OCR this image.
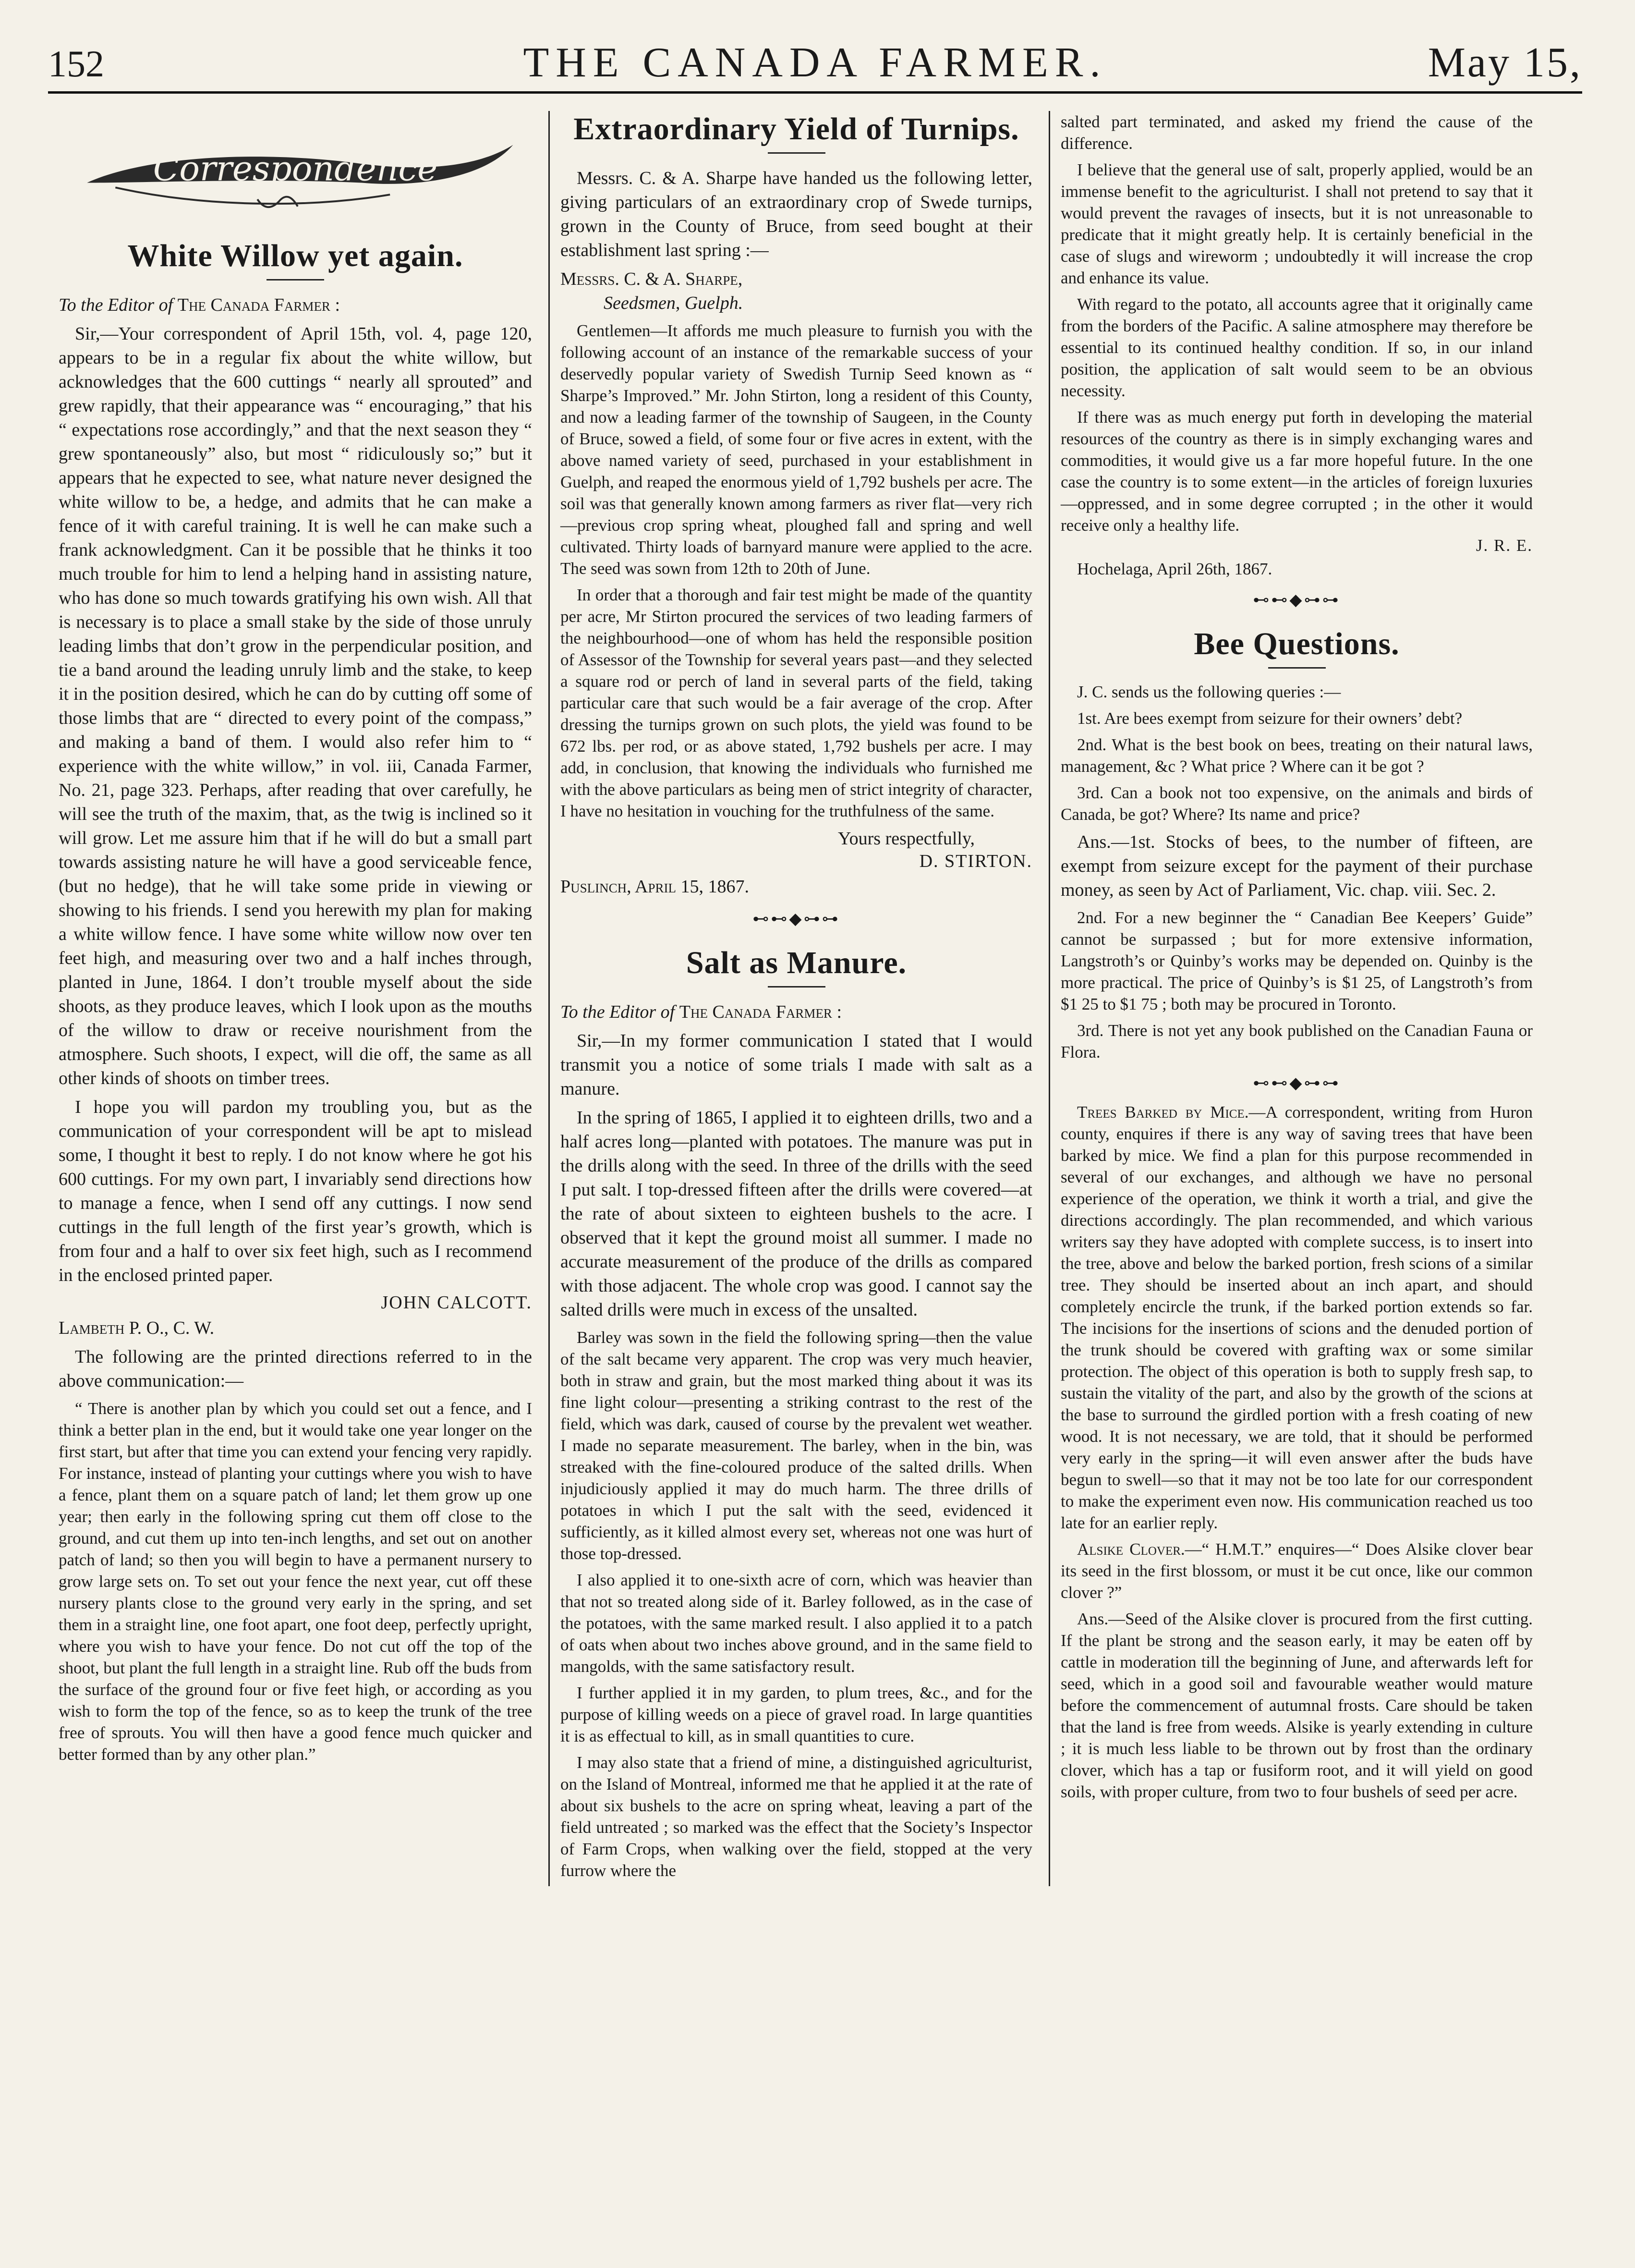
152	THE CANADA FARMER.	May 15,
Correspondence
White Willow yet again.

To the Editor of The Canada Farmer :

Sir,—Your correspondent of April 15th, vol. 4, page 120, appears to be in a regular fix about the white willow, but acknowledges that the 600 cuttings “ nearly all sprouted” and grew rapidly, that their appearance was “ encouraging,” that his “ expectations rose accordingly,” and that the next season they “ grew spontaneously” also, but most “ ridiculously so;” but it appears that he expected to see, what nature never designed the white willow to be, a hedge, and admits that he can make a fence of it with careful training. It is well he can make such a frank acknowledgment. Can it be possible that he thinks it too much trouble for him to lend a helping hand in assisting nature, who has done so much towards gratifying his own wish. All that is necessary is to place a small stake by the side of those unruly leading limbs that don’t grow in the perpendicular position, and tie a band around the leading unruly limb and the stake, to keep it in the position desired, which he can do by cutting off some of those limbs that are “ directed to every point of the compass,” and making a band of them. I would also refer him to “ experience with the white willow,” in vol. iii, Canada Farmer, No. 21, page 323. Perhaps, after reading that over carefully, he will see the truth of the maxim, that, as the twig is inclined so it will grow. Let me assure him that if he will do but a small part towards assisting nature he will have a good serviceable fence, (but no hedge), that he will take some pride in viewing or showing to his friends. I send you herewith my plan for making a white willow fence. I have some white willow now over ten feet high, and measuring over two and a half inches through, planted in June, 1864. I don’t trouble myself about the side shoots, as they produce leaves, which I look upon as the mouths of the willow to draw or receive nourishment from the atmosphere. Such shoots, I expect, will die off, the same as all other kinds of shoots on timber trees.

I hope you will pardon my troubling you, but as the communication of your correspondent will be apt to mislead some, I thought it best to reply. I do not know where he got his 600 cuttings. For my own part, I invariably send directions how to manage a fence, when I send off any cuttings. I now send cuttings in the full length of the first year’s growth, which is from four and a half to over six feet high, such as I recommend in the enclosed printed paper.

JOHN CALCOTT.

Lambeth P. O., C. W.

The following are the printed directions referred to in the above communication:—

“ There is another plan by which you could set out a fence, and I think a better plan in the end, but it would take one year longer on the first start, but after that time you can extend your fencing very rapidly. For instance, instead of planting your cuttings where you wish to have a fence, plant them on a square patch of land; let them grow up one year; then early in the following spring cut them off close to the ground, and cut them up into ten-inch lengths, and set out on another patch of land; so then you will begin to have a permanent nursery to grow large sets on. To set out your fence the next year, cut off these nursery plants close to the ground very early in the spring, and set them in a straight line, one foot apart, one foot deep, perfectly upright, where you wish to have your fence. Do not cut off the top of the shoot, but plant the full length in a straight line. Rub off the buds from the surface of the ground four or five feet high, or according as you wish to form the top of the fence, so as to keep the trunk of the tree free of sprouts. You will then have a good fence much quicker and better formed than by any other plan.”

Extraordinary Yield of Turnips.

Messrs. C. & A. Sharpe have handed us the following letter, giving particulars of an extraordinary crop of Swede turnips, grown in the County of Bruce, from seed bought at their establishment last spring :—

Messrs. C. & A. Sharpe,

Seedsmen, Guelph.

Gentlemen—It affords me much pleasure to furnish you with the following account of an instance of the remarkable success of your deservedly popular variety of Swedish Turnip Seed known as “ Sharpe’s Improved.” Mr. John Stirton, long a resident of this County, and now a leading farmer of the township of Saugeen, in the County of Bruce, sowed a field, of some four or five acres in extent, with the above named variety of seed, purchased in your establishment in Guelph, and reaped the enormous yield of 1,792 bushels per acre. The soil was that generally known among farmers as river flat—very rich—previous crop spring wheat, ploughed fall and spring and well cultivated. Thirty loads of barnyard manure were applied to the acre. The seed was sown from 12th to 20th of June.

In order that a thorough and fair test might be made of the quantity per acre, Mr Stirton procured the services of two leading farmers of the neighbourhood—one of whom has held the responsible position of Assessor of the Township for several years past—and they selected a square rod or perch of land in several parts of the field, taking particular care that such would be a fair average of the crop. After dressing the turnips grown on such plots, the yield was found to be 672 lbs. per rod, or as above stated, 1,792 bushels per acre. I may add, in conclusion, that knowing the individuals who furnished me with the above particulars as being men of strict integrity of character, I have no hesitation in vouching for the truthfulness of the same.

Yours respectfully,

D. STIRTON.

Puslinch, April 15, 1867.

⊷⊷◆⊶⊶
Salt as Manure.

To the Editor of The Canada Farmer :

Sir,—In my former communication I stated that I would transmit you a notice of some trials I made with salt as a manure.

In the spring of 1865, I applied it to eighteen drills, two and a half acres long—planted with potatoes. The manure was put in the drills along with the seed. In three of the drills with the seed I put salt. I top-dressed fifteen after the drills were covered—at the rate of about sixteen to eighteen bushels to the acre. I observed that it kept the ground moist all summer. I made no accurate measurement of the produce of the drills as compared with those adjacent. The whole crop was good. I cannot say the salted drills were much in excess of the unsalted.

Barley was sown in the field the following spring—then the value of the salt became very apparent. The crop was very much heavier, both in straw and grain, but the most marked thing about it was its fine light colour—presenting a striking contrast to the rest of the field, which was dark, caused of course by the prevalent wet weather. I made no separate measurement. The barley, when in the bin, was streaked with the fine-coloured produce of the salted drills. When injudiciously applied it may do much harm. The three drills of potatoes in which I put the salt with the seed, evidenced it sufficiently, as it killed almost every set, whereas not one was hurt of those top-dressed.

I also applied it to one-sixth acre of corn, which was heavier than that not so treated along side of it. Barley followed, as in the case of the potatoes, with the same marked result. I also applied it to a patch of oats when about two inches above ground, and in the same field to mangolds, with the same satisfactory result.

I further applied it in my garden, to plum trees, &c., and for the purpose of killing weeds on a piece of gravel road. In large quantities it is as effectual to kill, as in small quantities to cure.

I may also state that a friend of mine, a distinguished agriculturist, on the Island of Montreal, informed me that he applied it at the rate of about six bushels to the acre on spring wheat, leaving a part of the field untreated ; so marked was the effect that the Society’s Inspector of Farm Crops, when walking over the field, stopped at the very furrow where the

salted part terminated, and asked my friend the cause of the difference.

I believe that the general use of salt, properly applied, would be an immense benefit to the agriculturist. I shall not pretend to say that it would prevent the ravages of insects, but it is not unreasonable to predicate that it might greatly help. It is certainly beneficial in the case of slugs and wireworm ; undoubtedly it will increase the crop and enhance its value.

With regard to the potato, all accounts agree that it originally came from the borders of the Pacific. A saline atmosphere may therefore be essential to its continued healthy condition. If so, in our inland position, the application of salt would seem to be an obvious necessity.

If there was as much energy put forth in developing the material resources of the country as there is in simply exchanging wares and commodities, it would give us a far more hopeful future. In the one case the country is to some extent—in the articles of foreign luxuries—oppressed, and in some degree corrupted ; in the other it would receive only a healthy life.

J. R. E.

Hochelaga, April 26th, 1867.

⊷⊷◆⊶⊶
Bee Questions.

J. C. sends us the following queries :—

1st. Are bees exempt from seizure for their owners’ debt?

2nd. What is the best book on bees, treating on their natural laws, management, &c ? What price ? Where can it be got ?

3rd. Can a book not too expensive, on the animals and birds of Canada, be got? Where? Its name and price?

Ans.—1st. Stocks of bees, to the number of fifteen, are exempt from seizure except for the payment of their purchase money, as seen by Act of Parliament, Vic. chap. viii. Sec. 2.

2nd. For a new beginner the “ Canadian Bee Keepers’ Guide” cannot be surpassed ; but for more extensive information, Langstroth’s or Quinby’s works may be depended on. Quinby is the more practical. The price of Quinby’s is $1 25, of Langstroth’s from $1 25 to $1 75 ; both may be procured in Toronto.

3rd. There is not yet any book published on the Canadian Fauna or Flora.

⊷⊷◆⊶⊶

Trees Barked by Mice.—A correspondent, writing from Huron county, enquires if there is any way of saving trees that have been barked by mice. We find a plan for this purpose recommended in several of our exchanges, and although we have no personal experience of the operation, we think it worth a trial, and give the directions accordingly. The plan recommended, and which various writers say they have adopted with complete success, is to insert into the tree, above and below the barked portion, fresh scions of a similar tree. They should be inserted about an inch apart, and should completely encircle the trunk, if the barked portion extends so far. The incisions for the insertions of scions and the denuded portion of the trunk should be covered with grafting wax or some similar protection. The object of this operation is both to supply fresh sap, to sustain the vitality of the part, and also by the growth of the scions at the base to surround the girdled portion with a fresh coating of new wood. It is not necessary, we are told, that it should be performed very early in the spring—it will even answer after the buds have begun to swell—so that it may not be too late for our correspondent to make the experiment even now. His communication reached us too late for an earlier reply.

Alsike Clover.—“ H.M.T.” enquires—“ Does Alsike clover bear its seed in the first blossom, or must it be cut once, like our common clover ?”

Ans.—Seed of the Alsike clover is procured from the first cutting. If the plant be strong and the season early, it may be eaten off by cattle in moderation till the beginning of June, and afterwards left for seed, which in a good soil and favourable weather would mature before the commencement of autumnal frosts. Care should be taken that the land is free from weeds. Alsike is yearly extending in culture ; it is much less liable to be thrown out by frost than the ordinary clover, which has a tap or fusiform root, and it will yield on good soils, with proper culture, from two to four bushels of seed per acre.
